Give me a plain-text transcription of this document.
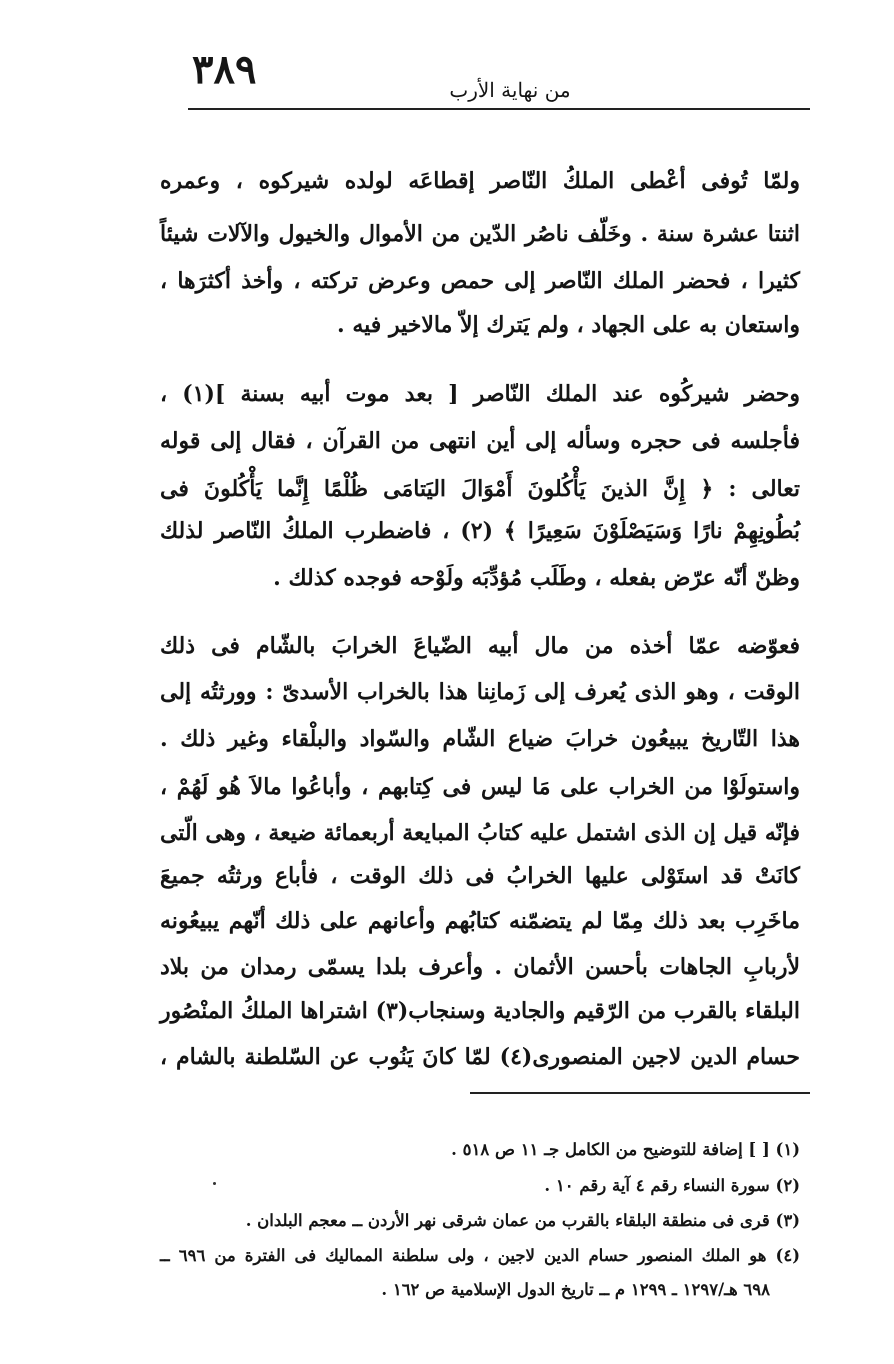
٣٨٩	من نهاية الأرب
ولمّا تُوفى أعْطى الملكُ النّاصر إقطاعَه لولده شيركوه ، وعمره
اثنتا عشرة سنة . وخَلّف ناصُر الدّين من الأموال والخيول والآلات شيئاً
كثيرا ، فحضر الملك النّاصر إلى حمص وعرض تركته ، وأخذ أكثرَها ،
واستعان به على الجهاد ، ولم يَترك إلاّ مالاخير فيه .
وحضر شيركُوه عند الملك النّاصر [ بعد موت أبيه بسنة ](١) ،
فأجلسه فى حجره وسأله إلى أين انتهى من القرآن ، فقال إلى قوله
تعالى : ﴿ إِنَّ الذينَ يَأْكُلونَ أَمْوَالَ اليَتامَى ظُلْمًا إِنَّما يَأْكُلونَ فى
بُطُونِهِمْ نارًا وَسَيَصْلَوْنَ سَعِيرًا ﴾ (٢) ، فاضطرب الملكُ النّاصر لذلك
وظنّ أنّه عرّض بفعله ، وطَلَب مُؤدِّبَه ولَوْحه فوجده كذلك .
فعوّضه عمّا أخذه من مال أبيه الضّياعَ الخرابَ بالشّام فى ذلك
الوقت ، وهو الذى يُعرف إلى زَمانِنا هذا بالخراب الأسدىّ : وورثتُه إلى
هذا التّاريخ يبيعُون خرابَ ضياع الشّام والسّواد والبلْقاء وغير ذلك .
واستولَوْا من الخراب على مَا ليس فى كِتابهم ، وأباعُوا مالاَ هُو لَهُمْ ،
فإنّه قيل إن الذى اشتمل عليه كتابُ المبايعة أربعمائة ضيعة ، وهى الّتى
كانَتْ قد استَوْلى عليها الخرابُ فى ذلك الوقت ، فأباع ورثتُه جميعَ
ماخَرِب بعد ذلك مِمّا لم يتضمّنه كتابُهم وأعانهم على ذلك أنّهم يبيعُونه
لأربابِ الجاهات بأحسن الأثمان . وأعرف بلدا يسمّى رمدان من بلاد
البلقاء بالقرب من الرّقيم والجادية وسنجاب(٣) اشتراها الملكُ المنْصُور
حسام الدين لاجين المنصورى(٤) لمّا كانَ يَنُوب عن السّلطنة بالشام ،
(١) [ ] إضافة للتوضيح من الكامل جـ ١١ ص ٥١٨ .
(٢) سورة النساء رقم ٤ آية رقم ١٠ .
(٣) قرى فى منطقة البلقاء بالقرب من عمان شرقى نهر الأردن ــ معجم البلدان .
(٤) هو الملك المنصور حسام الدين لاجين ، ولى سلطنة المماليك فى الفترة من ٦٩٦ ــ
٦٩٨ هـ/١٢٩٧ ـ ١٢٩٩ م ــ تاريخ الدول الإسلامية ص ١٦٢ .
